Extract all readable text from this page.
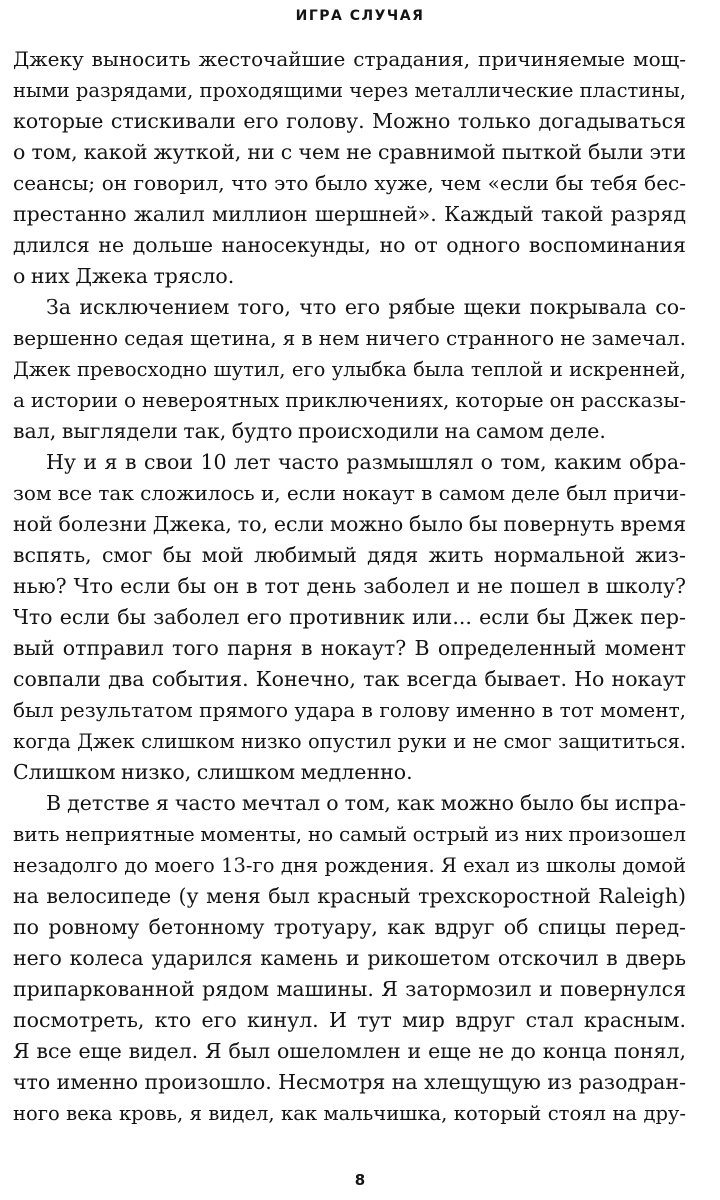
ИГРА СЛУЧАЯ
Джеку выносить жесточайшие страдания, причиняемые мощ-
ными разрядами, проходящими через металлические пластины,
которые стискивали его голову. Можно только догадываться
о том, какой жуткой, ни с чем не сравнимой пыткой были эти
сеансы; он говорил, что это было хуже, чем «если бы тебя бес-
престанно жалил миллион шершней». Каждый такой разряд
длился не дольше наносекунды, но от одного воспоминания
о них Джека трясло.
За исключением того, что его рябые щеки покрывала со-
вершенно седая щетина, я в нем ничего странного не замечал.
Джек превосходно шутил, его улыбка была теплой и искренней,
а истории о невероятных приключениях, которые он рассказы-
вал, выглядели так, будто происходили на самом деле.
Ну и я в свои 10 лет часто размышлял о том, каким обра-
зом все так сложилось и, если нокаут в самом деле был причи-
ной болезни Джека, то, если можно было бы повернуть время
вспять, смог бы мой любимый дядя жить нормальной жиз-
нью? Что если бы он в тот день заболел и не пошел в школу?
Что если бы заболел его противник или... если бы Джек пер-
вый отправил того парня в нокаут? В определенный момент
совпали два события. Конечно, так всегда бывает. Но нокаут
был результатом прямого удара в голову именно в тот момент,
когда Джек слишком низко опустил руки и не смог защититься.
Слишком низко, слишком медленно.
В детстве я часто мечтал о том, как можно было бы испра-
вить неприятные моменты, но самый острый из них произошел
незадолго до моего 13-го дня рождения. Я ехал из школы домой
на велосипеде (у меня был красный трехскоростной Raleigh)
по ровному бетонному тротуару, как вдруг об спицы перед-
него колеса ударился камень и рикошетом отскочил в дверь
припаркованной рядом машины. Я затормозил и повернулся
посмотреть, кто его кинул. И тут мир вдруг стал красным.
Я все еще видел. Я был ошеломлен и еще не до конца понял,
что именно произошло. Несмотря на хлещущую из разодран-
ного века кровь, я видел, как мальчишка, который стоял на дру-
8
